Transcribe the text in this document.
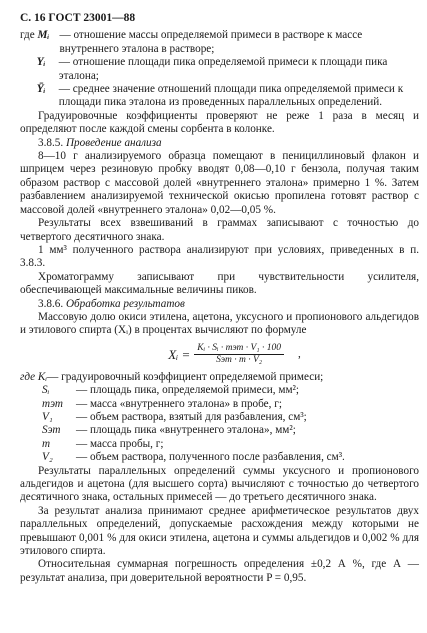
С. 16 ГОСТ 23001—88
где Mᵢ — отношение массы определяемой примеси в растворе к массе внутреннего эталона в растворе;

Yᵢ	— отношение площади пика определяемой примеси к площади пика эталона;

Ȳᵢ	— среднее значение отношений площади пика определяемой примеси к площади пика эталона из проведенных параллельных определений.

Градуировочные коэффициенты проверяют не реже 1 раза в месяц и определяют после каждой смены сорбента в колонке.

3.8.5. Проведение анализа

8—10 г анализируемого образца помещают в пенициллиновый флакон и шприцем через резиновую пробку вводят 0,08—0,10 г бензола, получая таким образом раствор с массовой долей «внутреннего эталона» примерно 1 %. Затем разбавлением анализируемой технической окисью пропилена готовят раствор с массовой долей «внутреннего эталона» 0,02—0,05 %.

Результаты всех взвешиваний в граммах записывают с точностью до четвертого десятичного знака.

1 мм³ полученного раствора анализируют при условиях, приведенных в п. 3.8.3.

Хроматограмму записывают при чувствительности усилителя, обеспечивающей максимальные величины пиков.

3.8.6. Обработка результатов

Массовую долю окиси этилена, ацетона, уксусного и пропионового альдегидов и этилового спирта (Xᵢ) в процентах вычисляют по формуле

Xᵢ = $\frac{\text{Kᵢ · Sᵢ · mэт · V₁ · 100}}{\text{Sэт · m · V₂}}$ ,
где Kᵢ — градуировочный коэффициент определяемой примеси;
Sᵢ	— площадь пика, определяемой примеси, мм²;
mэт	— масса «внутреннего эталона» в пробе, г;
V₁	— объем раствора, взятый для разбавления, см³;
Sэт	— площадь пика «внутреннего эталона», мм²;
m	— масса пробы, г;
V₂	— объем раствора, полученного после разбавления, см³.

Результаты параллельных определений суммы уксусного и пропионового альдегидов и ацетона (для высшего сорта) вычисляют с точностью до четвертого десятичного знака, остальных примесей — до третьего десятичного знака.

За результат анализа принимают среднее арифметическое результатов двух параллельных определений, допускаемые расхождения между которыми не превышают 0,001 % для окиси этилена, ацетона и суммы альдегидов и 0,002 % для этилового спирта.

Относительная суммарная погрешность определения ±0,2 А %, где А — результат анализа, при доверительной вероятности P = 0,95.
